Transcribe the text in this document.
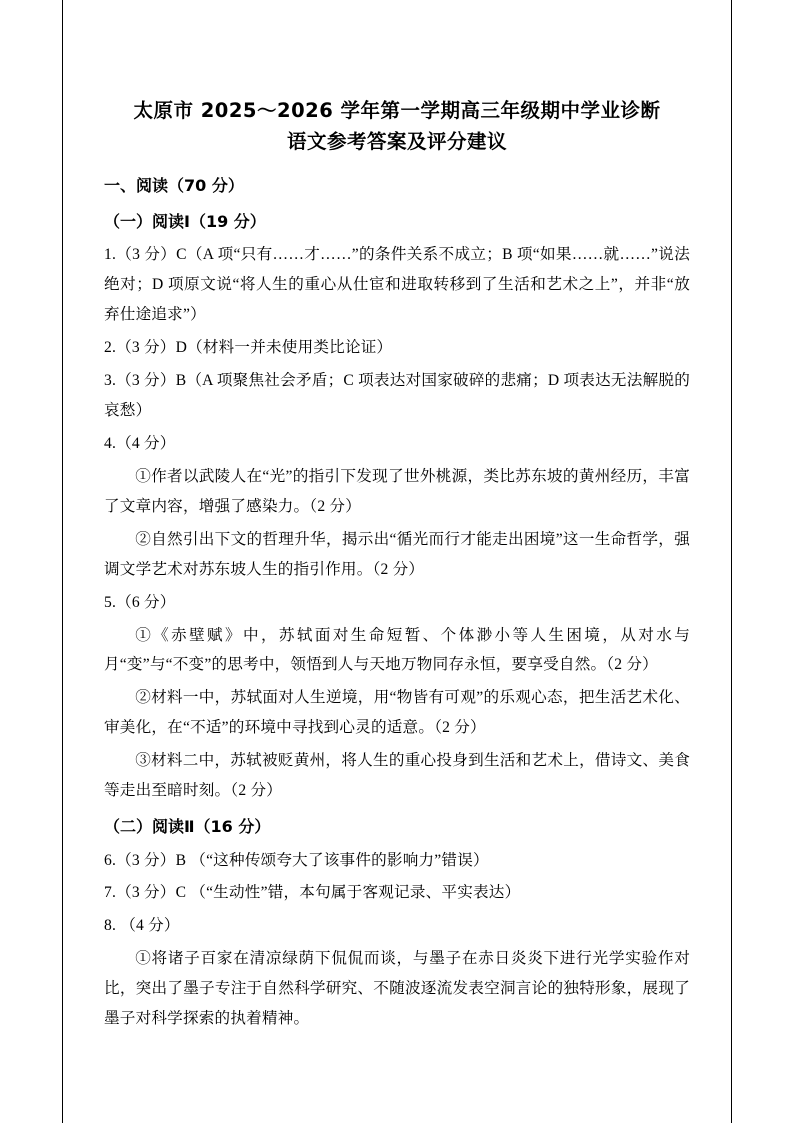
太原市 2025～2026 学年第一学期高三年级期中学业诊断
语文参考答案及评分建议
一、阅读（70 分）
（一）阅读Ⅰ（19 分）

1.（3 分）C（A 项“只有……才……”的条件关系不成立；B 项“如果……就……”说法绝对；D 项原文说“将人生的重心从仕宦和进取转移到了生活和艺术之上”，并非“放弃仕途追求”）

2.（3 分）D（材料一并未使用类比论证）

3.（3 分）B（A 项聚焦社会矛盾；C 项表达对国家破碎的悲痛；D 项表达无法解脱的哀愁）

4.（4 分）

①作者以武陵人在“光”的指引下发现了世外桃源，类比苏东坡的黄州经历，丰富了文章内容，增强了感染力。（2 分）

②自然引出下文的哲理升华，揭示出“循光而行才能走出困境”这一生命哲学，强调文学艺术对苏东坡人生的指引作用。（2 分）

5.（6 分）

①《赤壁赋》中，苏轼面对生命短暂、个体渺小等人生困境，从对水与月“变”与“不变”的思考中，领悟到人与天地万物同存永恒，要享受自然。（2 分）

②材料一中，苏轼面对人生逆境，用“物皆有可观”的乐观心态，把生活艺术化、审美化，在“不适”的环境中寻找到心灵的适意。（2 分）

③材料二中，苏轼被贬黄州，将人生的重心投身到生活和艺术上，借诗文、美食等走出至暗时刻。（2 分）

（二）阅读Ⅱ（16 分）

6.（3 分）B （“这种传颂夸大了该事件的影响力”错误）

7.（3 分）C （“生动性”错，本句属于客观记录、平实表达）

8. （4 分）

①将诸子百家在清凉绿荫下侃侃而谈，与墨子在赤日炎炎下进行光学实验作对比，突出了墨子专注于自然科学研究、不随波逐流发表空洞言论的独特形象，展现了墨子对科学探索的执着精神。
